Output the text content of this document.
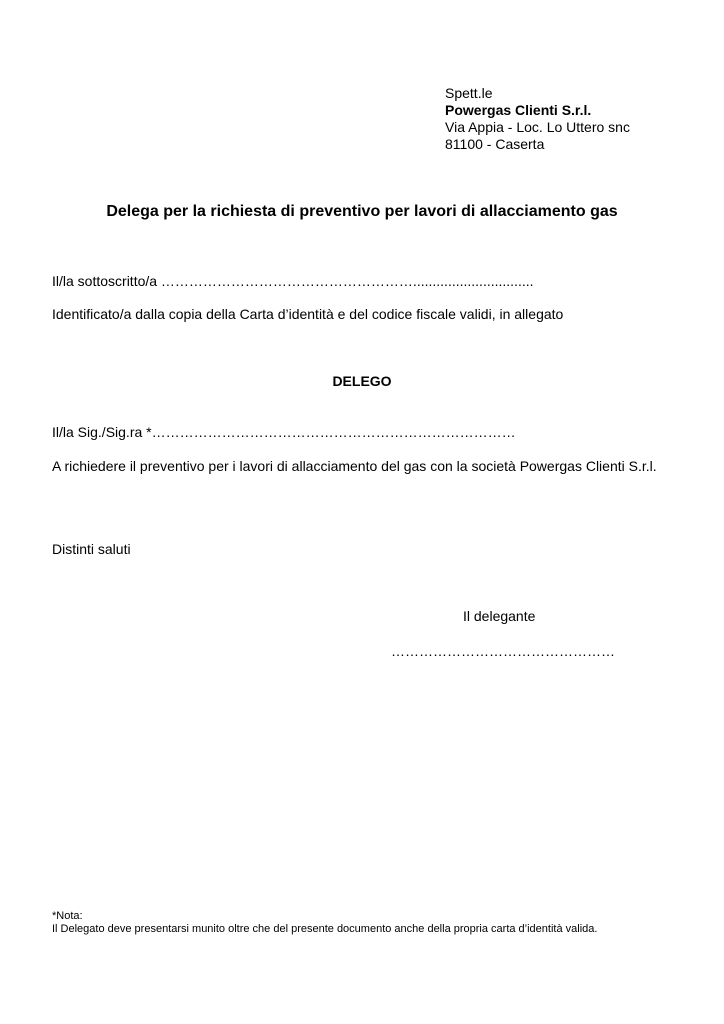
Spett.le
Powergas Clienti S.r.l.
Via Appia - Loc. Lo Uttero snc
81100 - Caserta
Delega per la richiesta di preventivo per lavori di allacciamento gas
Il/la sottoscritto/a ………………………………………………...............................
Identificato/a dalla copia della Carta d’identità e del codice fiscale validi, in allegato
DELEGO
Il/la Sig./Sig.ra *……………………………………………………………………
A richiedere il preventivo per i lavori di allacciamento del gas con la società Powergas Clienti S.r.l.
Distinti saluti
Il delegante
…………………………………………
*Nota:
Il Delegato deve presentarsi munito oltre che del presente documento anche della propria carta d’identità valida.
